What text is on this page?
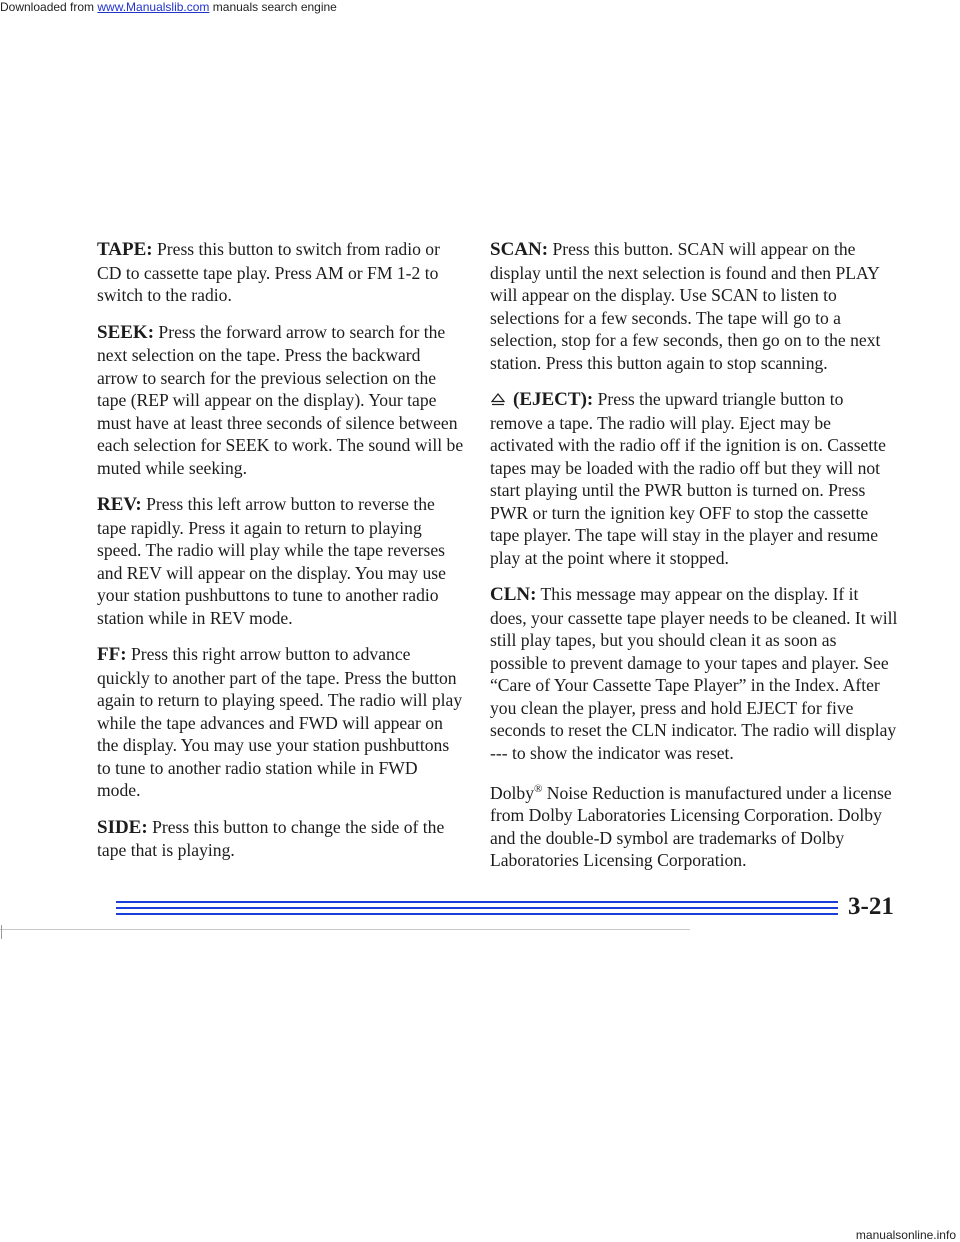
Downloaded from www.Manualslib.com manuals search engine

TAPE: Press this button to switch from radio or CD to cassette tape play. Press AM or FM 1-2 to switch to the radio.

SEEK: Press the forward arrow to search for the next selection on the tape. Press the backward arrow to search for the previous selection on the tape (REP will appear on the display). Your tape must have at least three seconds of silence between each selection for SEEK to work. The sound will be muted while seeking.

REV: Press this left arrow button to reverse the tape rapidly. Press it again to return to playing speed. The radio will play while the tape reverses and REV will appear on the display. You may use your station pushbuttons to tune to another radio station while in REV mode.

FF: Press this right arrow button to advance quickly to another part of the tape. Press the button again to return to playing speed. The radio will play while the tape advances and FWD will appear on the display. You may use your station pushbuttons to tune to another radio station while in FWD mode.

SIDE: Press this button to change the side of the tape that is playing.

SCAN: Press this button. SCAN will appear on the display until the next selection is found and then PLAY will appear on the display. Use SCAN to listen to selections for a few seconds. The tape will go to a selection, stop for a few seconds, then go on to the next station. Press this button again to stop scanning.

(EJECT): Press the upward triangle button to remove a tape. The radio will play. Eject may be activated with the radio off if the ignition is on. Cassette tapes may be loaded with the radio off but they will not start playing until the PWR button is turned on. Press PWR or turn the ignition key OFF to stop the cassette tape player. The tape will stay in the player and resume play at the point where it stopped.

CLN: This message may appear on the display. If it does, your cassette tape player needs to be cleaned. It will still play tapes, but you should clean it as soon as possible to prevent damage to your tapes and player. See “Care of Your Cassette Tape Player” in the Index. After you clean the player, press and hold EJECT for five seconds to reset the CLN indicator. The radio will display --- to show the indicator was reset.

Dolby® Noise Reduction is manufactured under a license from Dolby Laboratories Licensing Corporation. Dolby and the double-D symbol are trademarks of Dolby Laboratories Licensing Corporation.

3-21
manualsonline.info
